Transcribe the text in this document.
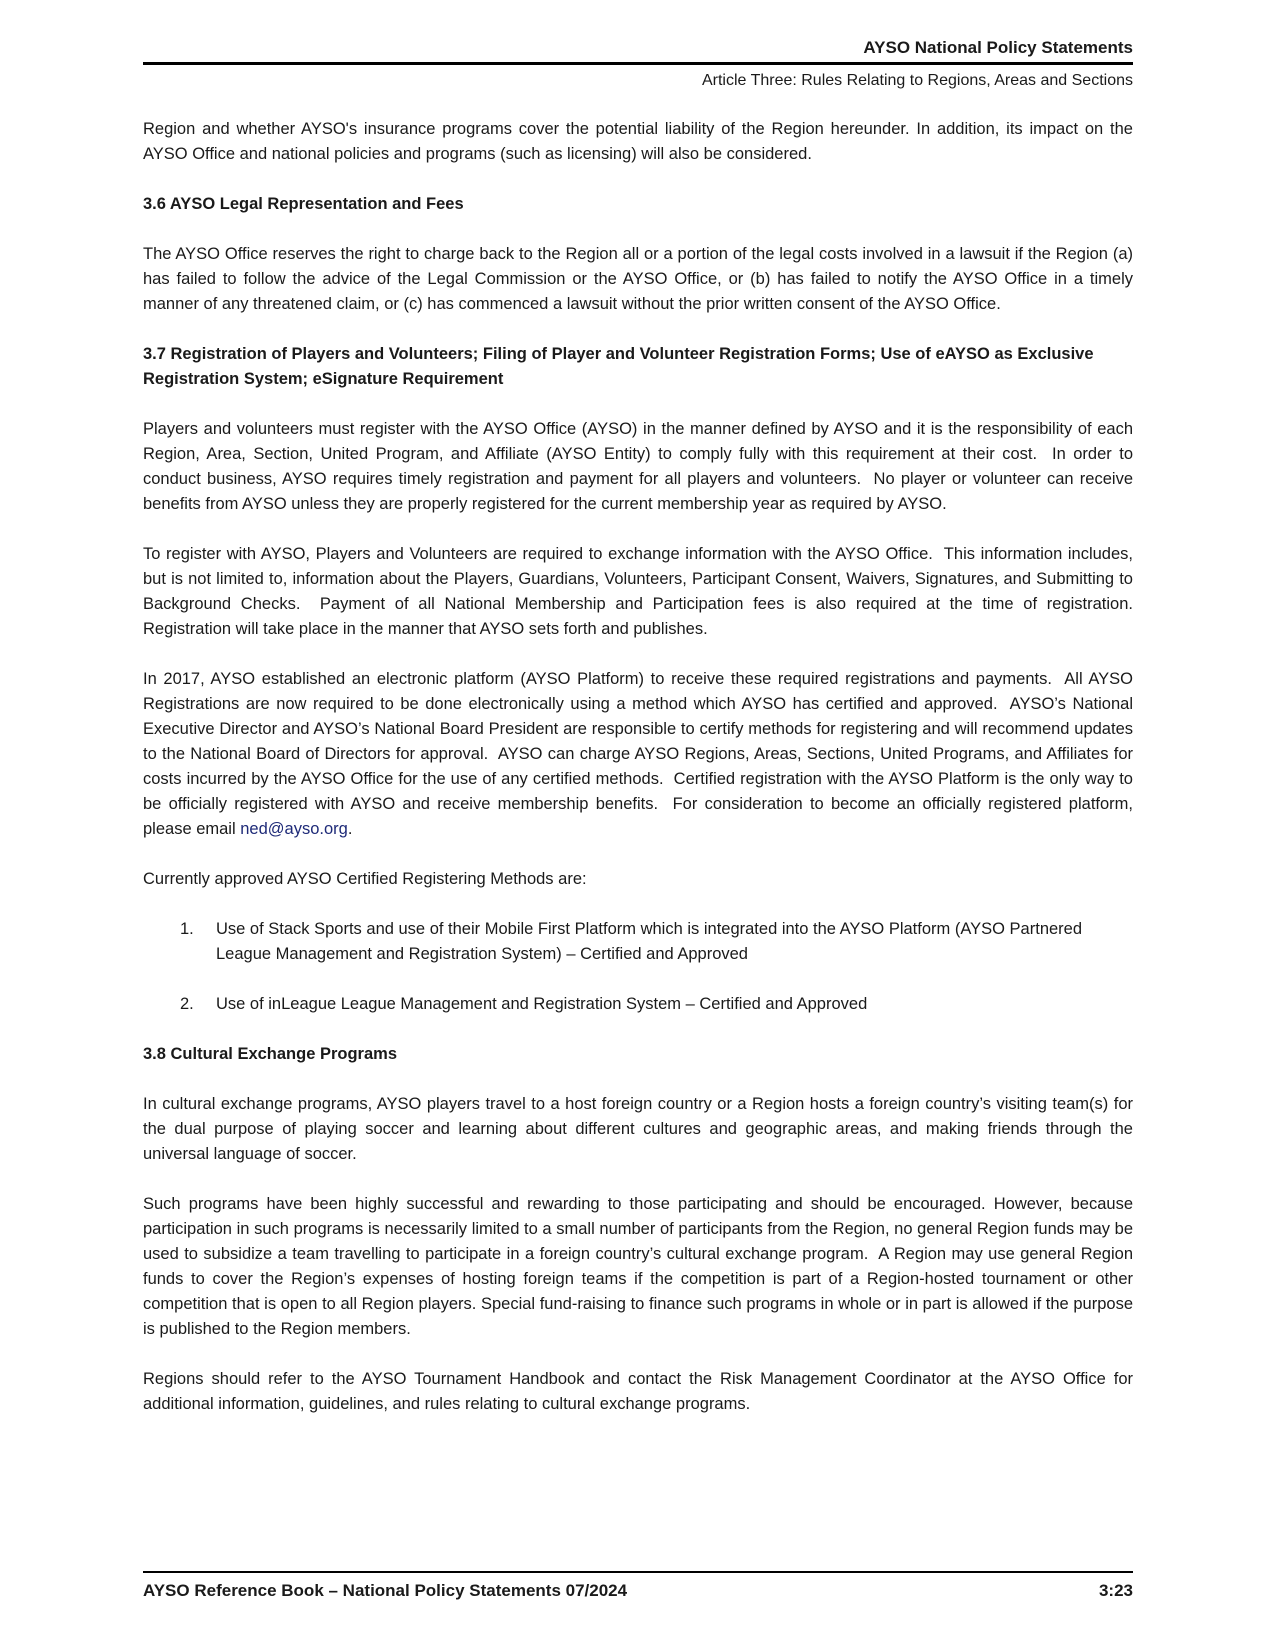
AYSO National Policy Statements

Article Three: Rules Relating to Regions, Areas and Sections

Region and whether AYSO's insurance programs cover the potential liability of the Region hereunder. In addition, its impact on the AYSO Office and national policies and programs (such as licensing) will also be considered.

3.6 AYSO Legal Representation and Fees

The AYSO Office reserves the right to charge back to the Region all or a portion of the legal costs involved in a lawsuit if the Region (a) has failed to follow the advice of the Legal Commission or the AYSO Office, or (b) has failed to notify the AYSO Office in a timely manner of any threatened claim, or (c) has commenced a lawsuit without the prior written consent of the AYSO Office.

3.7 Registration of Players and Volunteers; Filing of Player and Volunteer Registration Forms; Use of eAYSO as Exclusive Registration System; eSignature Requirement

Players and volunteers must register with the AYSO Office (AYSO) in the manner defined by AYSO and it is the responsibility of each Region, Area, Section, United Program, and Affiliate (AYSO Entity) to comply fully with this requirement at their cost.  In order to conduct business, AYSO requires timely registration and payment for all players and volunteers.  No player or volunteer can receive benefits from AYSO unless they are properly registered for the current membership year as required by AYSO.

To register with AYSO, Players and Volunteers are required to exchange information with the AYSO Office.  This information includes, but is not limited to, information about the Players, Guardians, Volunteers, Participant Consent, Waivers, Signatures, and Submitting to Background Checks.  Payment of all National Membership and Participation fees is also required at the time of registration.  Registration will take place in the manner that AYSO sets forth and publishes.

In 2017, AYSO established an electronic platform (AYSO Platform) to receive these required registrations and payments.  All AYSO Registrations are now required to be done electronically using a method which AYSO has certified and approved.  AYSO’s National Executive Director and AYSO’s National Board President are responsible to certify methods for registering and will recommend updates to the National Board of Directors for approval.  AYSO can charge AYSO Regions, Areas, Sections, United Programs, and Affiliates for costs incurred by the AYSO Office for the use of any certified methods.  Certified registration with the AYSO Platform is the only way to be officially registered with AYSO and receive membership benefits.  For consideration to become an officially registered platform, please email ned@ayso.org.

Currently approved AYSO Certified Registering Methods are:

1.	Use of Stack Sports and use of their Mobile First Platform which is integrated into the AYSO Platform (AYSO Partnered League Management and Registration System) – Certified and Approved
2.	Use of inLeague League Management and Registration System – Certified and Approved
3.8 Cultural Exchange Programs

In cultural exchange programs, AYSO players travel to a host foreign country or a Region hosts a foreign country’s visiting team(s) for the dual purpose of playing soccer and learning about different cultures and geographic areas, and making friends through the universal language of soccer.

Such programs have been highly successful and rewarding to those participating and should be encouraged. However, because participation in such programs is necessarily limited to a small number of participants from the Region, no general Region funds may be used to subsidize a team travelling to participate in a foreign country’s cultural exchange program.  A Region may use general Region funds to cover the Region’s expenses of hosting foreign teams if the competition is part of a Region-hosted tournament or other competition that is open to all Region players. Special fund-raising to finance such programs in whole or in part is allowed if the purpose is published to the Region members.

Regions should refer to the AYSO Tournament Handbook and contact the Risk Management Coordinator at the AYSO Office for additional information, guidelines, and rules relating to cultural exchange programs.

AYSO Reference Book – National Policy Statements 07/2024	3:23
